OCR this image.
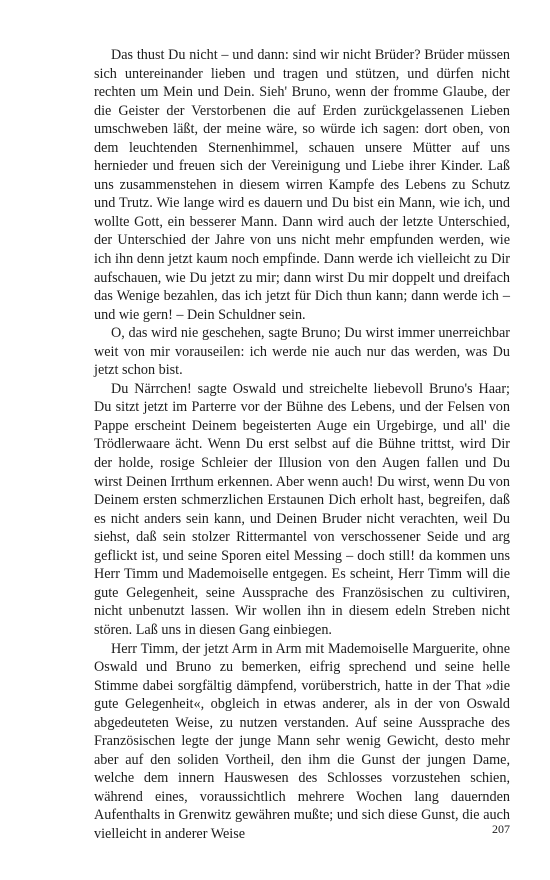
Das thust Du nicht – und dann: sind wir nicht Brüder? Brüder müssen sich untereinander lieben und tragen und stützen, und dürfen nicht rechten um Mein und Dein. Sieh' Bruno, wenn der fromme Glaube, der die Geister der Verstorbenen die auf Erden zurückgelassenen Lieben umschweben läßt, der meine wäre, so würde ich sagen: dort oben, von dem leuchtenden Sternenhimmel, schauen unsere Mütter auf uns hernieder und freuen sich der Vereinigung und Liebe ihrer Kinder. Laß uns zusammenstehen in diesem wirren Kampfe des Lebens zu Schutz und Trutz. Wie lange wird es dauern und Du bist ein Mann, wie ich, und wollte Gott, ein besserer Mann. Dann wird auch der letzte Unterschied, der Unterschied der Jahre von uns nicht mehr empfunden werden, wie ich ihn denn jetzt kaum noch empfinde. Dann werde ich vielleicht zu Dir aufschauen, wie Du jetzt zu mir; dann wirst Du mir doppelt und dreifach das Wenige bezahlen, das ich jetzt für Dich thun kann; dann werde ich – und wie gern! – Dein Schuldner sein.

O, das wird nie geschehen, sagte Bruno; Du wirst immer unerreichbar weit von mir vorauseilen: ich werde nie auch nur das werden, was Du jetzt schon bist.

Du Närrchen! sagte Oswald und streichelte liebevoll Bruno's Haar; Du sitzt jetzt im Parterre vor der Bühne des Lebens, und der Felsen von Pappe erscheint Deinem begeisterten Auge ein Urgebirge, und all' die Trödlerwaare ächt. Wenn Du erst selbst auf die Bühne trittst, wird Dir der holde, rosige Schleier der Illusion von den Augen fallen und Du wirst Deinen Irrthum erkennen. Aber wenn auch! Du wirst, wenn Du von Deinem ersten schmerzlichen Erstaunen Dich erholt hast, begreifen, daß es nicht anders sein kann, und Deinen Bruder nicht verachten, weil Du siehst, daß sein stolzer Rittermantel von verschossener Seide und arg geflickt ist, und seine Sporen eitel Messing – doch still! da kommen uns Herr Timm und Mademoiselle entgegen. Es scheint, Herr Timm will die gute Gelegenheit, seine Aussprache des Französischen zu cultiviren, nicht unbenutzt lassen. Wir wollen ihn in diesem edeln Streben nicht stören. Laß uns in diesen Gang einbiegen.

Herr Timm, der jetzt Arm in Arm mit Mademoiselle Marguerite, ohne Oswald und Bruno zu bemerken, eifrig sprechend und seine helle Stimme dabei sorgfältig dämpfend, vorüberstrich, hatte in der That »die gute Gelegenheit«, obgleich in etwas anderer, als in der von Oswald abgedeuteten Weise, zu nutzen verstanden. Auf seine Aussprache des Französischen legte der junge Mann sehr wenig Gewicht, desto mehr aber auf den soliden Vortheil, den ihm die Gunst der jungen Dame, welche dem innern Hauswesen des Schlosses vorzustehen schien, während eines, voraussichtlich mehrere Wochen lang dauernden Aufenthalts in Grenwitz gewähren mußte; und sich diese Gunst, die auch vielleicht in anderer Weise	207
